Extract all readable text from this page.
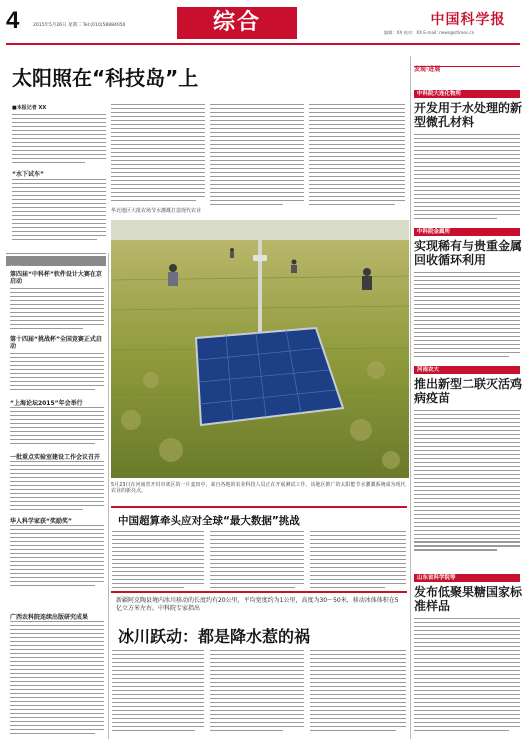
4	2015年5月26日 星期二 Tel:(010)58884050	综合	中国科学报
编辑：XX 校对：XX E-mail: news@stimes.cn
太阳照在“科技岛”上
■本报记者 XX
“水下试车”
华北地区大批农场节水灌溉打造现代农业
5月23日在河南省开封市郊区的一片麦田中，来自各地的农业科技人员正在开展测试工作。该地区推广的太阳能节水灌溉系统成为现代农业的新亮点。
简讯
第四届“中科杯”软件设计大赛在京启动
第十四届“挑战杯”全国竞赛正式启动
“上海论坛2015”年会举行
一批重点实验室建设工作会议召开
华人科学家获“奖励奖”
广西农科院连续出版研究成果
中国超算牵头应对全球“最大数据”挑战
新疆阿克陶县境内冰川移动的长度约有20公里，平均宽度约为1公里，高度为30～50米，移动冰体体积在5亿立方米左右。中科院专家指出
冰川跃动：都是降水惹的祸
发现·进展
中科院大连化物所
开发用于水处理的新型微孔材料
中科院金属所
实现稀有与贵重金属回收循环利用
河南农大
推出新型二联灭活鸡病疫苗
山东省科学院等
发布低聚果糖国家标准样品
